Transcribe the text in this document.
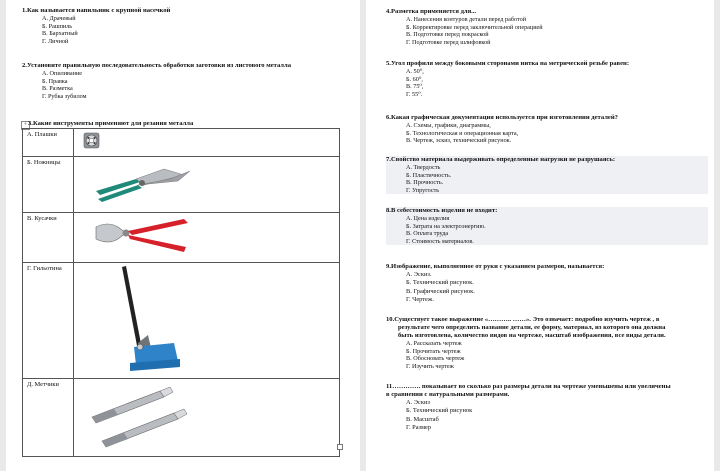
1.Как называется напильник с крупной насечкой
А. Драчевый
Б. Рашпиль
В. Бархатный
Г. Личной
2.Установите правильную последовательность обработки заготовки из листового металла
А. Опиливание
Б. Правка
В. Разметка
Г. Рубка зубилом
+ 3.Какие инструменты применяют для резания металла
А. Плашки	
Б. Ножницы	
В. Кусачки	
Г. Гильотина	
Д. Метчики	
4.Разметка применяется для...
А. Нанесения контуров детали перед работой
Б. Корректировке перед заключительной операцией
В. Подготовке перед покраской
Г. Подготовке перед шлифовкой
5.Угол профиля между боковыми сторонами нитка на метрической резьбе равен:
А. 50⁰,
Б. 60⁰,
В. 75⁰,
Г. 55⁰.
6.Какая графическая документация используется при изготовлении деталей?
А. Схемы, графики, диаграммы,
Б. Технологическая и операционная карта,
В. Чертеж, эскиз, технический рисунок.
7.Свойство материала выдерживать определенные нагрузки не разрушаясь:
А. Твердость
Б. Пластичность.
В. Прочность.
Г. Упругость
8.В себестоимость изделия не входит:
А. Цена изделия
Б. Затрата на электроэнергию.
В. Оплата труда
Г. Стоимость материалов.
9.Изображение, выполненное от руки с указанием размеров, называется:
А. Эскиз.
Б. Технический рисунок.
В. Графический рисунок.
Г. Чертеж.
10.Существует такое выражение «……….. ……». Это означает: подробно изучить чертеж , в
результате чего определить название детали, ее форму, материал, из которого она должна
быть изготовлена, количество видов на чертеже, масштаб изображения, все виды детали.
А. Рассказать чертеж
Б. Прочитать чертеж
В. Обосновать чертеж
Г. Изучить чертеж
11…………. показывает во сколько раз размеры детали на чертеже уменьшены или увеличены
в сравнении с натуральными размерами.
А. Эскиз
Б. Технический рисунок
В. Масштаб
Г. Размер
